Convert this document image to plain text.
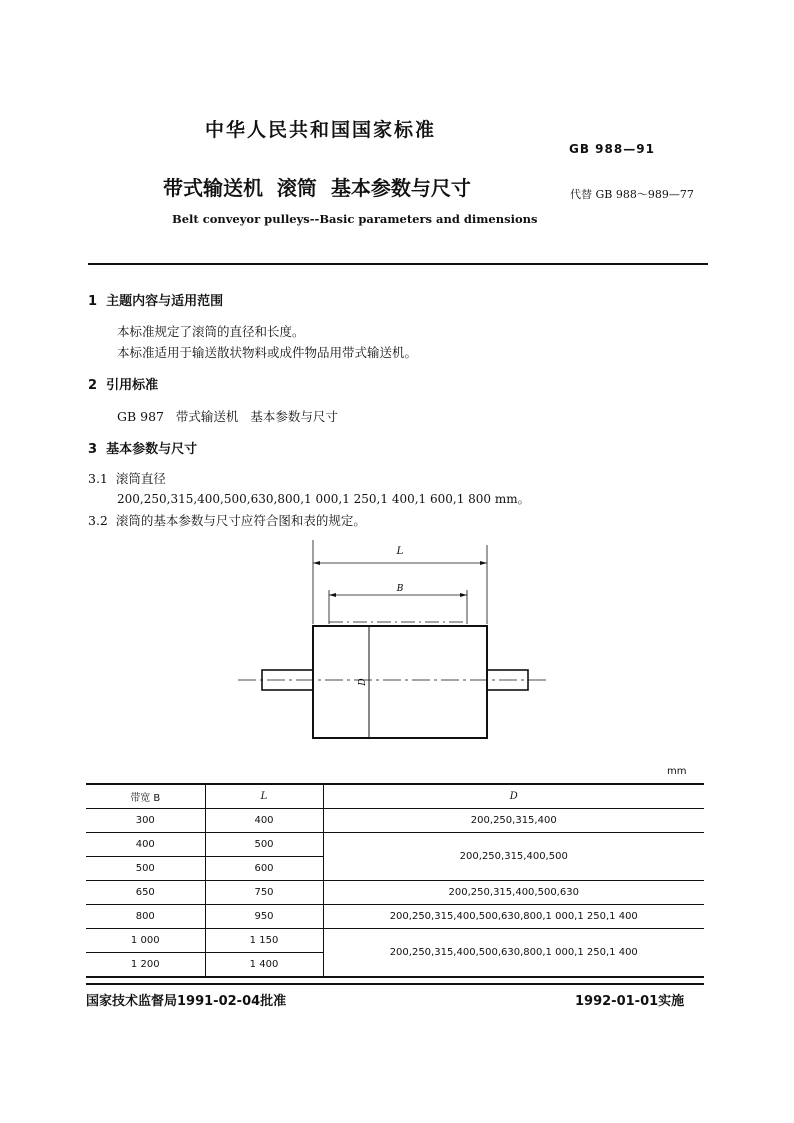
中华人民共和国国家标准
GB 988—91
带式输送机  滚筒  基本参数与尺寸	代替 GB 988～989—77
Belt conveyor pulleys--Basic parameters and dimensions
1  主题内容与适用范围
本标准规定了滚筒的直径和长度。
本标准适用于输送散状物料或成件物品用带式输送机。
2  引用标准
GB 987   带式输送机   基本参数与尺寸
3  基本参数与尺寸
3.1  滚筒直径
200,250,315,400,500,630,800,1 000,1 250,1 400,1 600,1 800 mm。
3.2  滚筒的基本参数与尺寸应符合图和表的规定。
L
B
D
mm
带宽 B	L	D
300	400	200,250,315,400
400	500	200,250,315,400,500
500	600	
650	750	200,250,315,400,500,630
800	950	200,250,315,400,500,630,800,1 000,1 250,1 400
1 000	1 150	200,250,315,400,500,630,800,1 000,1 250,1 400
1 200	1 400	
国家技术监督局1991-02-04批准	1992-01-01实施
